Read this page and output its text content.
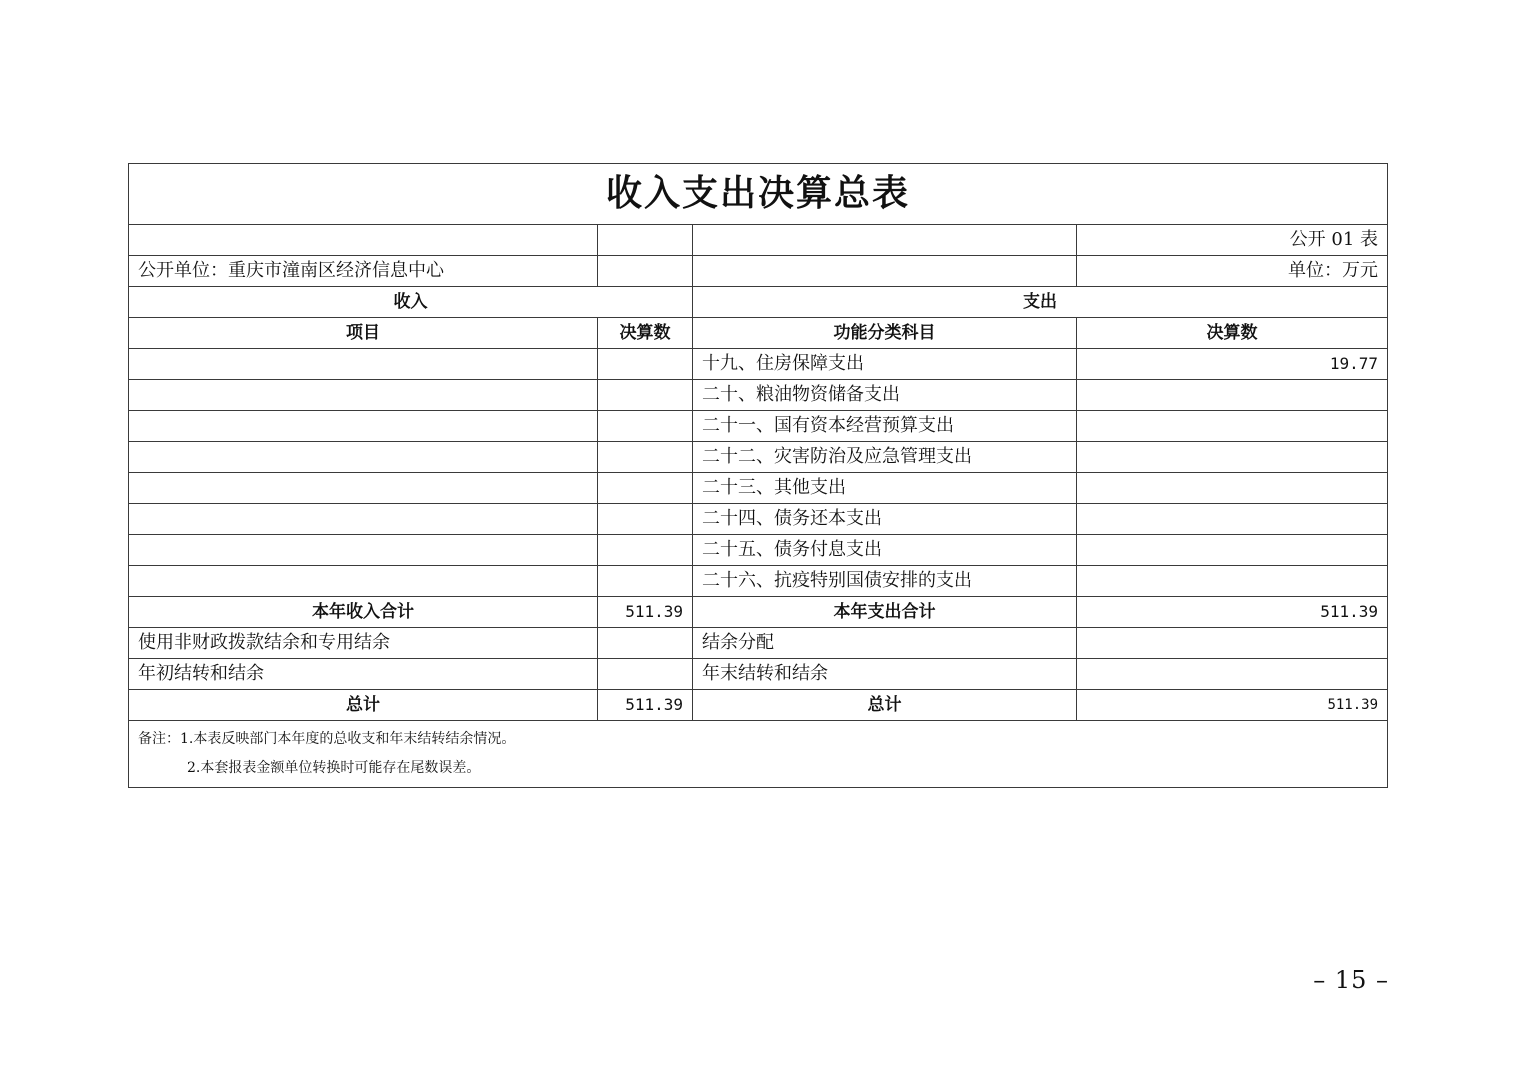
收入支出决算总表			
			公开 01 表
公开单位：重庆市潼南区经济信息中心			单位：万元
收入		支出	
项目	决算数	功能分类科目	决算数
		十九、住房保障支出	19.77
		二十、粮油物资储备支出	
		二十一、国有资本经营预算支出	
		二十二、灾害防治及应急管理支出	
		二十三、其他支出	
		二十四、债务还本支出	
		二十五、债务付息支出	
		二十六、抗疫特别国债安排的支出	
本年收入合计	511.39	本年支出合计	511.39
使用非财政拨款结余和专用结余		结余分配	
年初结转和结余		年末结转和结余	
总计	511.39	总计	511.39

备注：1.本表反映部门本年度的总收支和年末结转结余情况。
2.本套报表金额单位转换时可能存在尾数误差。			
– 15 –
